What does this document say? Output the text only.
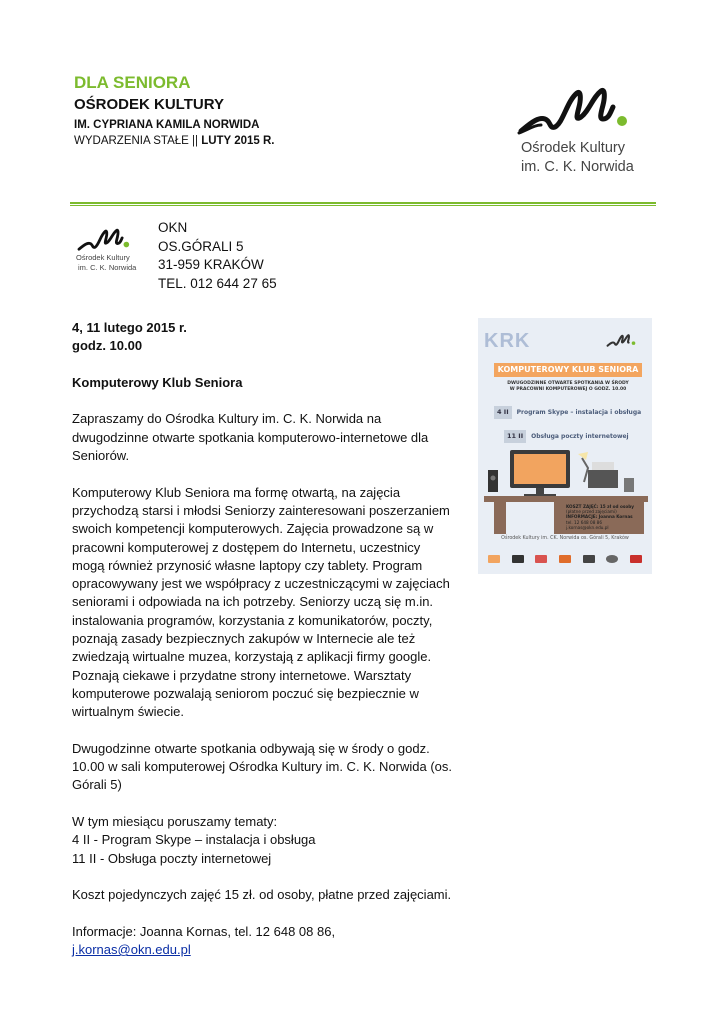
DLA SENIORA
OŚRODEK KULTURY
IM. CYPRIANA KAMILA NORWIDA
WYDARZENIA STAŁE || LUTY 2015 R.	Ośrodek Kultury
im. C. K. Norwida
Ośrodek Kultury
im. C. K. Norwida
OKN
OS.GÓRALI 5
31-959 KRAKÓW
TEL. 012 644 27 65

4, 11 lutego 2015 r.

godz. 10.00

Komputerowy Klub Seniora

Zapraszamy do Ośrodka Kultury im. C. K. Norwida na

dwugodzinne otwarte spotkania komputerowo-internetowe dla

Seniorów.

Komputerowy Klub Seniora ma formę otwartą, na zajęcia

przychodzą starsi i młodsi Seniorzy zainteresowani poszerzaniem

swoich kompetencji komputerowych. Zajęcia prowadzone są w

pracowni komputerowej z dostępem do Internetu, uczestnicy

mogą również przynosić własne laptopy czy tablety. Program

opracowywany jest we współpracy z uczestniczącymi w zajęciach

seniorami i odpowiada na ich potrzeby. Seniorzy uczą się m.in.

instalowania programów, korzystania z komunikatorów, poczty,

poznają zasady bezpiecznych zakupów w Internecie ale też

zwiedzają wirtualne muzea, korzystają z aplikacji firmy google.

Poznają ciekawe i przydatne strony internetowe. Warsztaty

komputerowe pozwalają seniorom poczuć się bezpiecznie w

wirtualnym świecie.

Dwugodzinne otwarte spotkania odbywają się w środy o godz.

10.00 w sali komputerowej Ośrodka Kultury im. C. K. Norwida (os.

Górali 5)

W tym miesiącu poruszamy tematy:

4 II - Program Skype – instalacja i obsługa

11 II - Obsługa poczty internetowej

Koszt pojedynczych zajęć 15 zł. od osoby, płatne przed zajęciami.

Informacje: Joanna Kornas, tel. 12 648 08 86,

j.kornas@okn.edu.pl

KRK
KOMPUTEROWY KLUB SENIORA
DWUGODZINNE OTWARTE SPOTKANIA W ŚRODY
W PRACOWNI KOMPUTEROWEJ O GODZ. 10.00
4 II	Program Skype – instalacja i obsługa
11 II	Obsługa poczty internetowej
KOSZT ZAJĘĆ: 15 zł od osoby
(płatne przed zajęciami)
INFORMACJE: Joanna Kornas
tel. 12 648 08 86
j.kornas@okn.edu.pl
Ośrodek Kultury im. CK. Norwida os. Górali 5, Kraków
